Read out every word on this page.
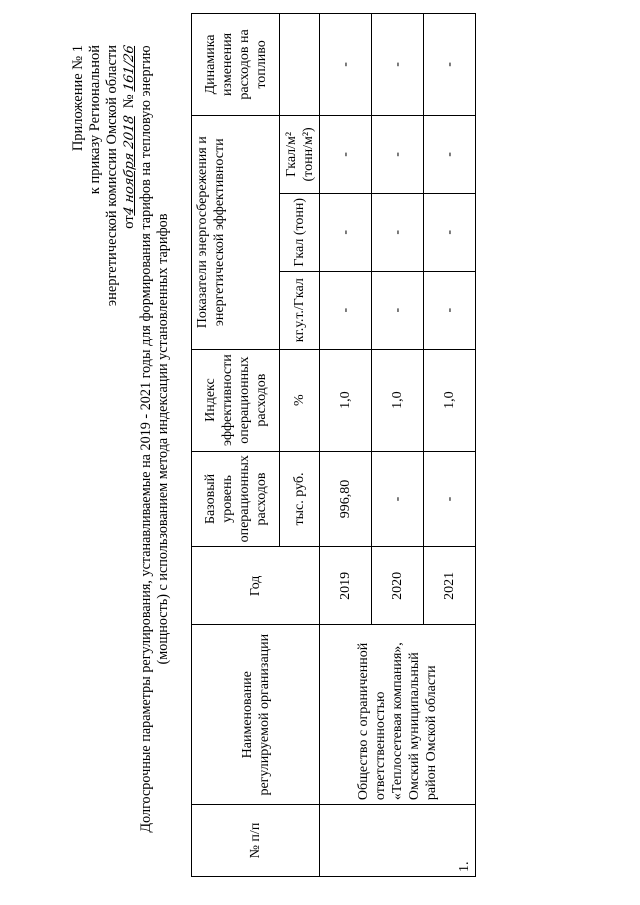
Приложение № 1 к приказу Региональной энергетической комиссии Омской области от4 ноября 2018 № 161/26 Долгосрочные параметры регулирования, устанавливаемые на 2019 - 2021 годы для формирования тарифов на тепловую энергию (мощность) с использованием метода индексации установленных тарифов
№ п/п	Наименование регулируемой организации	Год	Базовый уровень операционных расходов	Индекс эффективности операционных расходов	Показатели энергосбережения и энергетической эффективности			Динамика изменения расходов на топливо
			тыс. руб.	%	кг.у.т./Гкал	Гкал (тонн)	Гкал/м² (тонн/м²)	
1.	Общество с ограниченной ответственностью «Теплосетевая компания», Омский муниципальный район Омской области	2019	996,80	1,0	-	-	-	-
		2020	-	1,0	-	-	-	-
		2021	-	1,0	-	-	-	-
